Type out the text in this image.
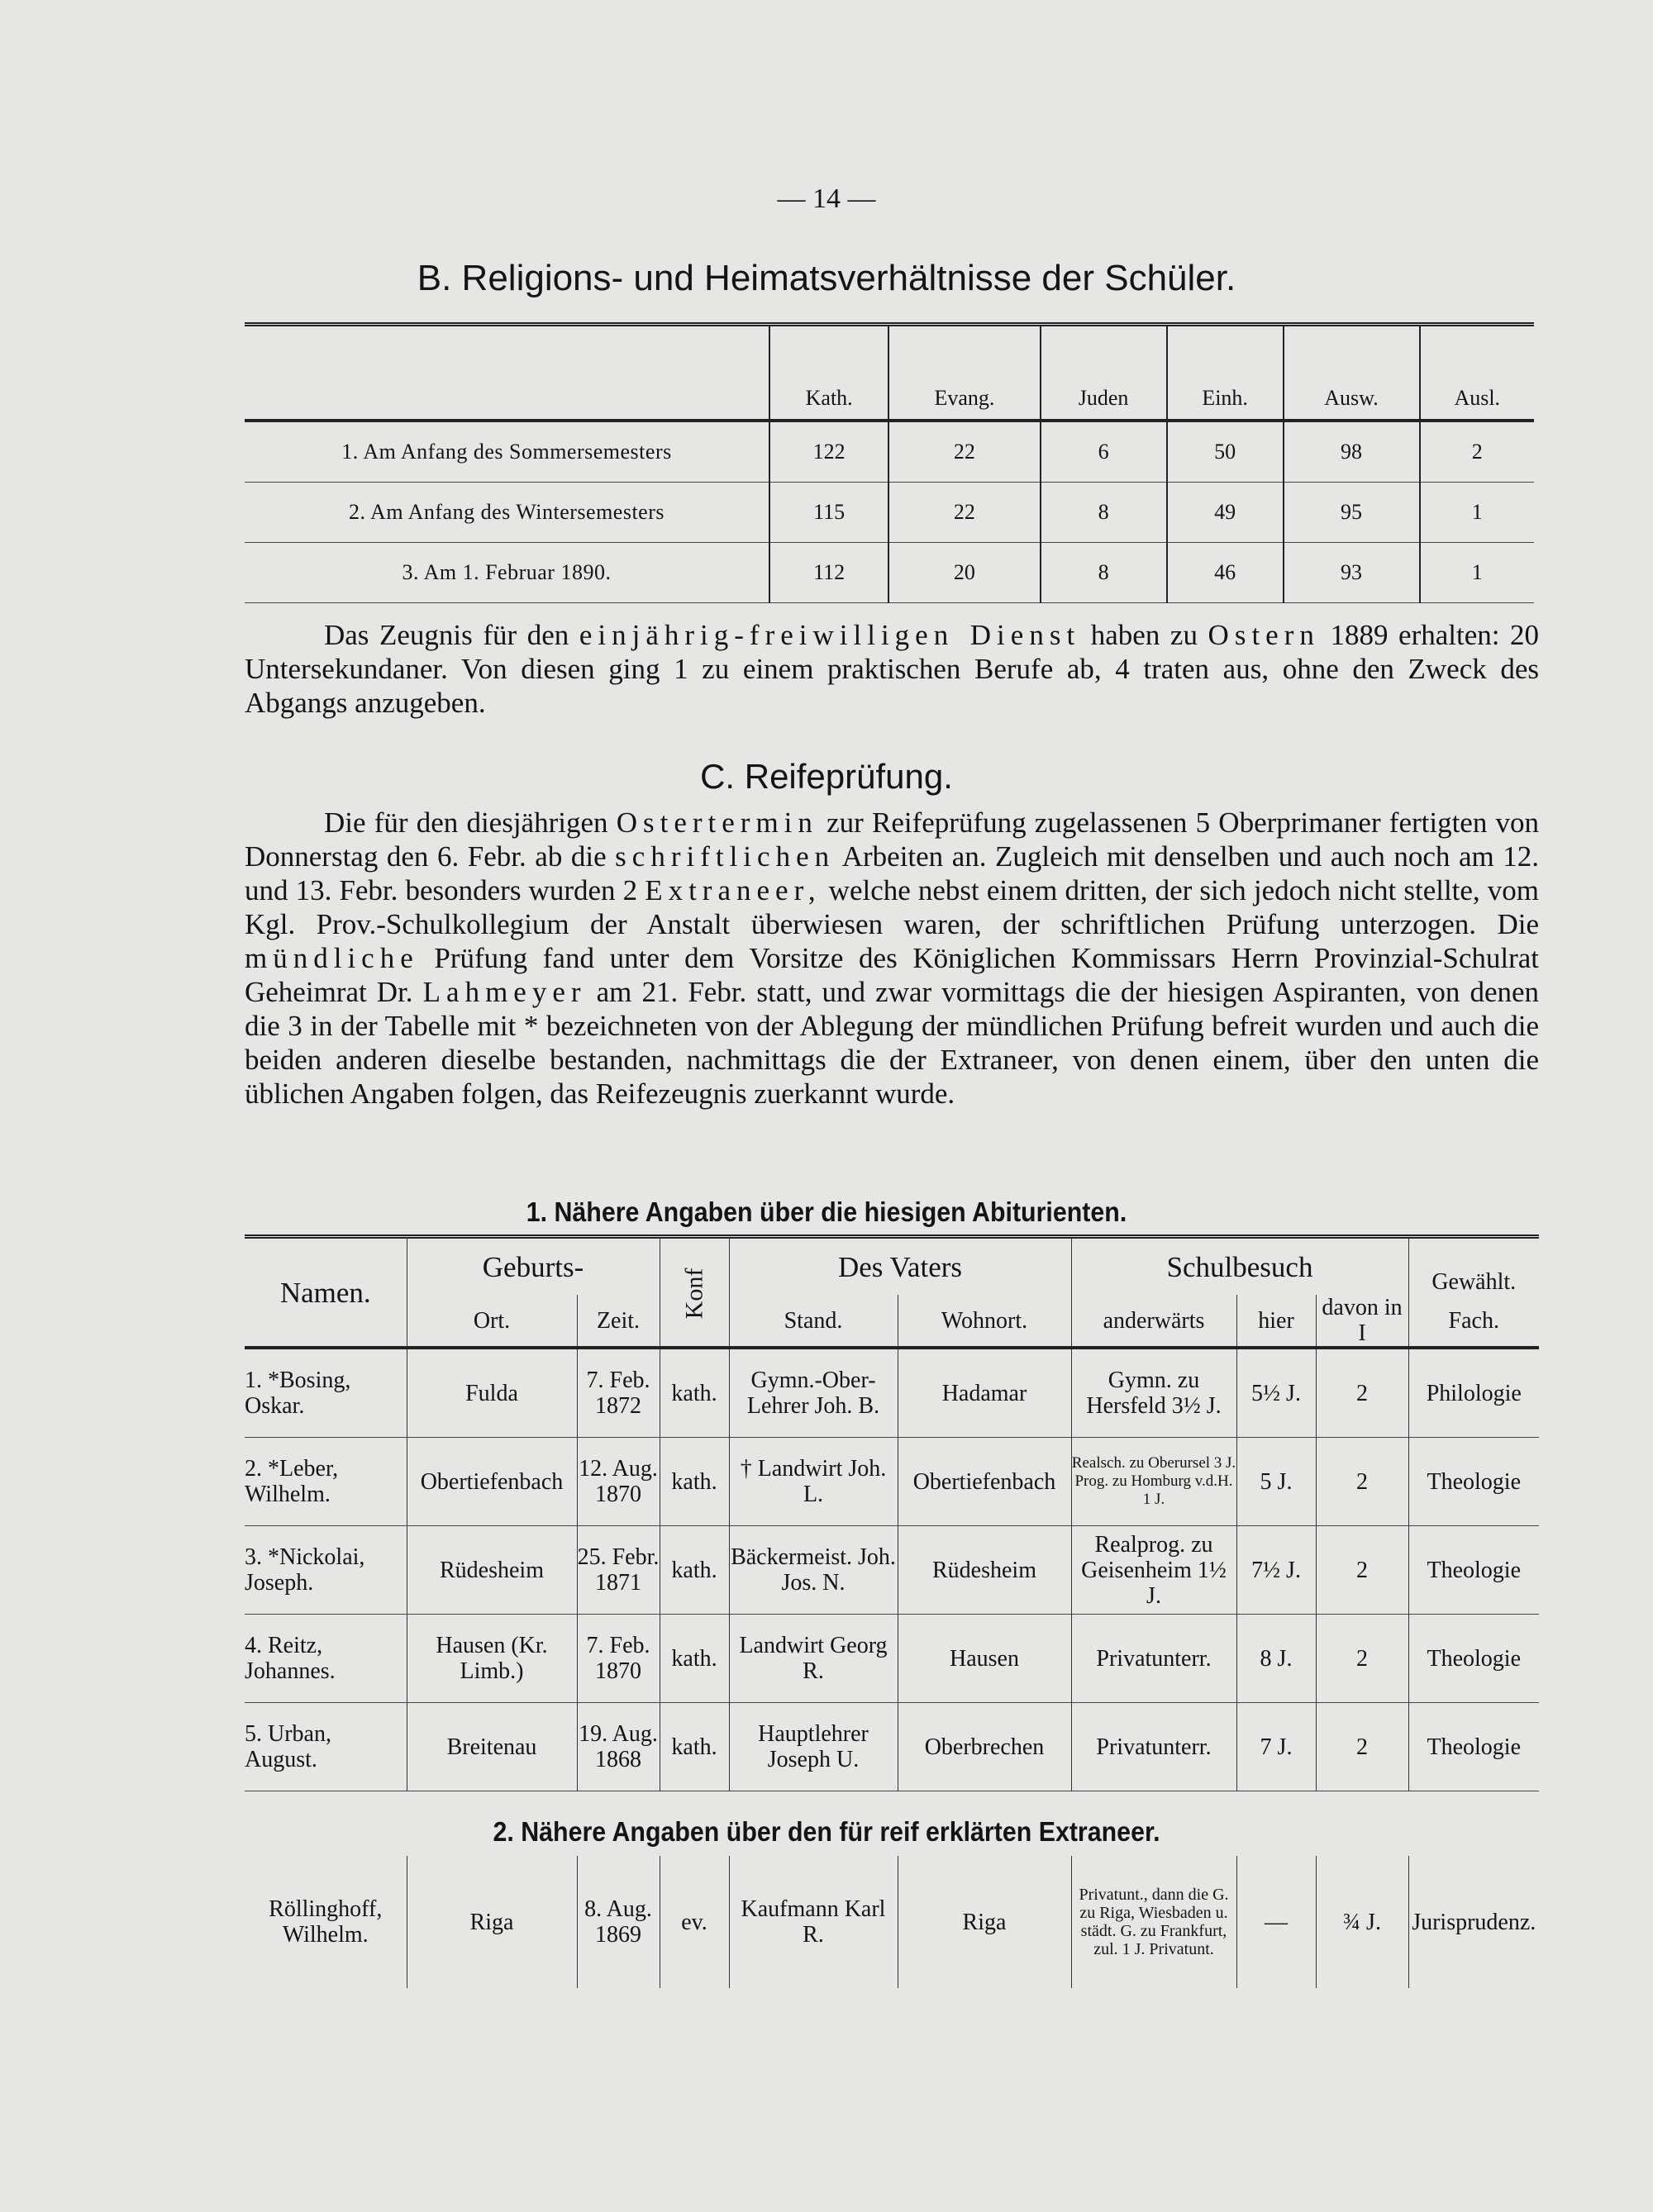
— 14 —
B. Religions- und Heimatsverhältnisse der Schüler.
	Kath.	Evang.	Juden	Einh.	Ausw.	Ausl.
1. Am Anfang des Sommersemesters	122	22	6	50	98	2
2. Am Anfang des Wintersemesters	115	22	8	49	95	1
3. Am 1. Februar 1890.	112	20	8	46	93	1
Das Zeugnis für den einjährig-freiwilligen Dienst haben zu Ostern 1889 erhalten: 20 Untersekundaner. Von diesen ging 1 zu einem praktischen Berufe ab, 4 traten aus, ohne den Zweck des Abgangs anzugeben.
C. Reifeprüfung.
Die für den diesjährigen Ostertermin zur Reifeprüfung zugelassenen 5 Oberprimaner fertigten von Donnerstag den 6. Febr. ab die schriftlichen Arbeiten an. Zugleich mit denselben und auch noch am 12. und 13. Febr. besonders wurden 2 Extraneer, welche nebst einem dritten, der sich jedoch nicht stellte, vom Kgl. Prov.-Schulkollegium der Anstalt überwiesen waren, der schriftlichen Prüfung unterzogen. Die mündliche Prüfung fand unter dem Vorsitze des Königlichen Kommissars Herrn Provinzial-Schulrat Geheimrat Dr. Lahmeyer am 21. Febr. statt, und zwar vormittags die der hiesigen Aspiranten, von denen die 3 in der Tabelle mit * bezeichneten von der Ablegung der mündlichen Prüfung befreit wurden und auch die beiden anderen dieselbe bestanden, nachmittags die der Extraneer, von denen einem, über den unten die üblichen Angaben folgen, das Reifezeugnis zuerkannt wurde.
1. Nähere Angaben über die hiesigen Abiturienten.
Namen.	Geburts-		Konf	Des Vaters		Schulbesuch			Gewählt.
	Ort.	Zeit.		Stand.	Wohnort.	anderwärts	hier	davon in I	Fach.
1. *Bosing, Oskar.	Fulda	7. Feb. 1872	kath.	Gymn.-Ober-Lehrer Joh. B.	Hadamar	Gymn. zu Hersfeld 3½ J.	5½ J.	2	Philologie
2. *Leber, Wilhelm.	Obertiefenbach	12. Aug. 1870	kath.	† Landwirt Joh. L.	Obertiefenbach	Realsch. zu Oberursel 3 J. Prog. zu Homburg v.d.H. 1 J.	5 J.	2	Theologie
3. *Nickolai, Joseph.	Rüdesheim	25. Febr. 1871	kath.	Bäckermeist. Joh. Jos. N.	Rüdesheim	Realprog. zu Geisenheim 1½ J.	7½ J.	2	Theologie
4. Reitz, Johannes.	Hausen (Kr. Limb.)	7. Feb. 1870	kath.	Landwirt Georg R.	Hausen	Privatunterr.	8 J.	2	Theologie
5. Urban, August.	Breitenau	19. Aug. 1868	kath.	Hauptlehrer Joseph U.	Oberbrechen	Privatunterr.	7 J.	2	Theologie
2. Nähere Angaben über den für reif erklärten Extraneer.
Röllinghoff, Wilhelm.	Riga	8. Aug. 1869	ev.	Kaufmann Karl R.	Riga	Privatunt., dann die G. zu Riga, Wiesbaden u. städt. G. zu Frankfurt, zul. 1 J. Privatunt.	—	¾ J.	Jurisprudenz.
